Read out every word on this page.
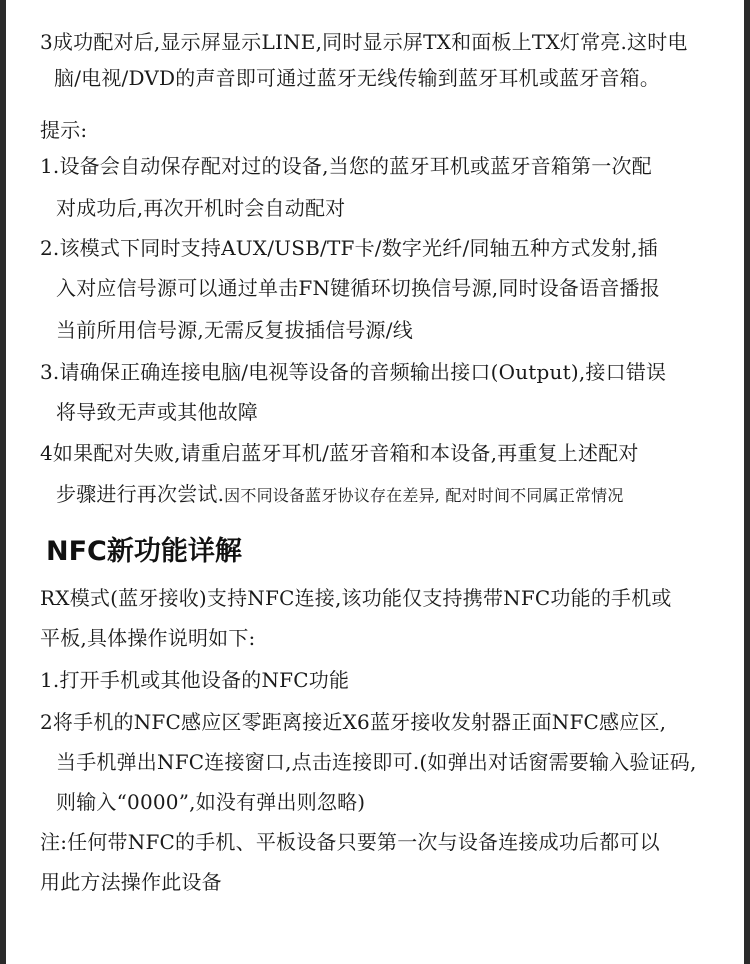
3成功配对后,显示屏显示LINE,同时显示屏TX和面板上TX灯常亮.这时电
脑/电视/DVD的声音即可通过蓝牙无线传输到蓝牙耳机或蓝牙音箱。
提示:
1.设备会自动保存配对过的设备,当您的蓝牙耳机或蓝牙音箱第一次配
对成功后,再次开机时会自动配对
2.该模式下同时支持AUX/USB/TF卡/数字光纤/同轴五种方式发射,插
入对应信号源可以通过单击FN键循环切换信号源,同时设备语音播报
当前所用信号源,无需反复拔插信号源/线
3.请确保正确连接电脑/电视等设备的音频输出接口(Output),接口错误
将导致无声或其他故障
4如果配对失败,请重启蓝牙耳机/蓝牙音箱和本设备,再重复上述配对
步骤进行再次尝试.因不同设备蓝牙协议存在差异, 配对时间不同属正常情况
NFC新功能详解
RX模式(蓝牙接收)支持NFC连接,该功能仅支持携带NFC功能的手机或
平板,具体操作说明如下:
1.打开手机或其他设备的NFC功能
2将手机的NFC感应区零距离接近X6蓝牙接收发射器正面NFC感应区,
当手机弹出NFC连接窗口,点击连接即可.(如弹出对话窗需要输入验证码,
则输入“0000”,如没有弹出则忽略)
注:任何带NFC的手机、平板设备只要第一次与设备连接成功后都可以
用此方法操作此设备
